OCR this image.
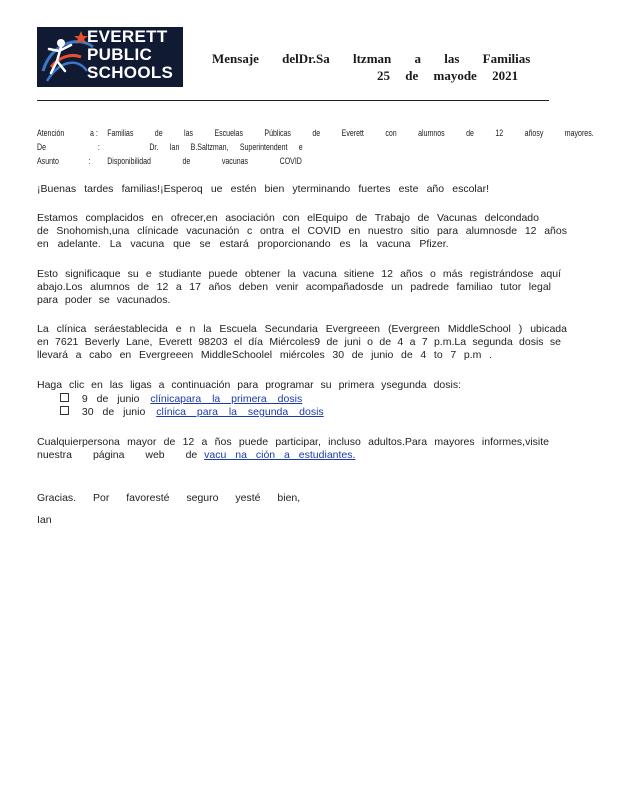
EVERETT
PUBLIC
SCHOOLS
Mensaje delDr.Sa ltzman a las Familias
25 de mayode 2021
Atención	a : Familias de las Escuelas Públicas de Everett con alumnos de 12 añosy mayores.
De	:	Dr. Ian B.Saltzman, Superintendent e
Asunto	: Disponibilidad de vacunas COVID
¡Buenas tardes familias!¡Esperoq ue estén bien yterminando fuertes este año escolar!
Estamos complacidos en ofrecer,en asociación con elEquipo de Trabajo de Vacunas delcondado
de Snohomish,una clínicade vacunación c ontra el COVID en nuestro sitio para alumnosde 12 años
en adelante. La vacuna que se estará proporcionando es la vacuna Pfizer.
Esto significaque su e studiante puede obtener la vacuna sitiene 12 años o más registrándose aquí
abajo.Los alumnos de 12 a 17 años deben venir acompañadosde un padrede familiao tutor legal
para poder se vacunados.
La clínica seráestablecida e n la Escuela Secundaria Evergreeen (Evergreen MiddleSchool ) ubicada
en 7621 Beverly Lane, Everett 98203 el día Miércoles9 de juni o de 4 a 7 p.m.La segunda dosis se
llevará a cabo en Evergreeen MiddleSchoolel miércoles 30 de junio de 4 to 7 p.m .
Haga clic en las ligas a continuación para programar su primera ysegunda dosis:
9 de junio clínicapara la primera dosis
30 de junio clínica para la segunda dosis
Cualquierpersona mayor de 12 a ños puede participar, incluso adultos.Para mayores informes,visite
nuestra página web de vacu na ción a estudiantes.
Gracias. Por favoresté seguro yesté bien,
Ian
